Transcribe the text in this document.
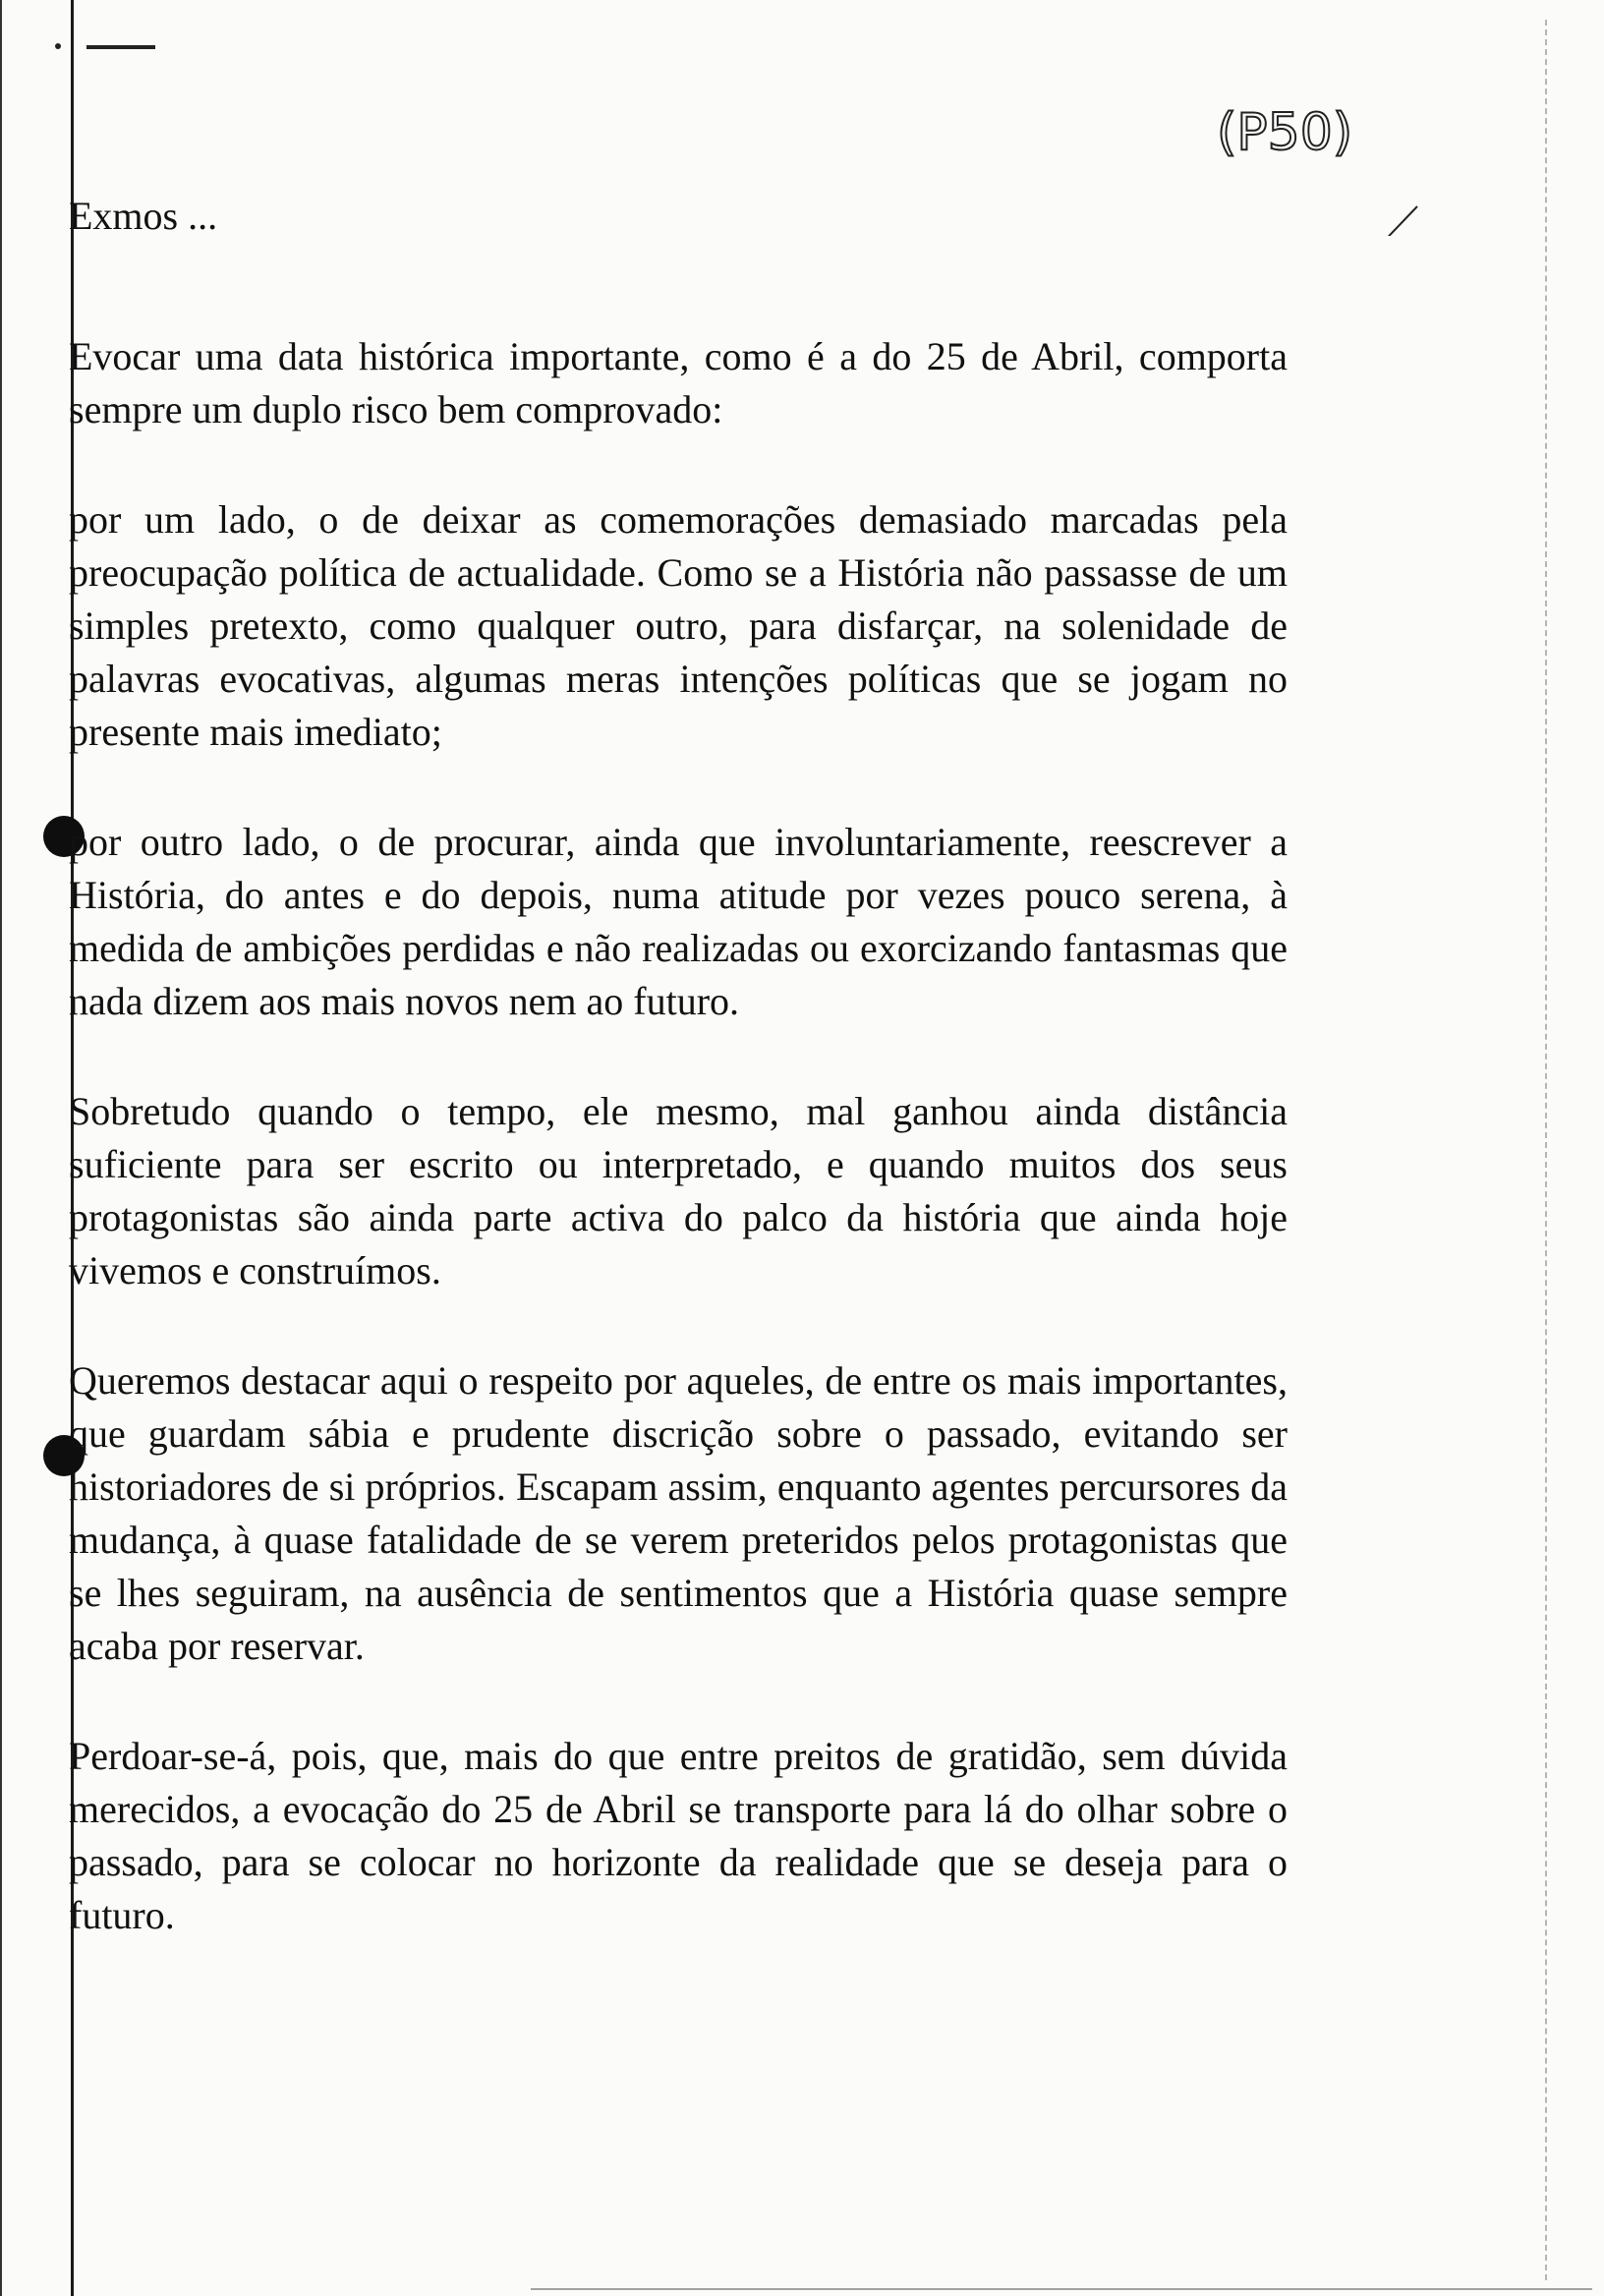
(P50)

Exmos ...

Evocar uma data histórica importante, como é a do 25 de Abril, comporta sempre um duplo risco bem comprovado:

por um lado, o de deixar as comemorações demasiado marcadas pela preocupação política de actualidade. Como se a História não passasse de um simples pretexto, como qualquer outro, para disfarçar, na solenidade de palavras evocativas, algumas meras intenções políticas que se jogam no presente mais imediato;

por outro lado, o de procurar, ainda que involuntariamente, reescrever a História, do antes e do depois, numa atitude por vezes pouco serena, à medida de ambições perdidas e não realizadas ou exorcizando fantasmas que nada dizem aos mais novos nem ao futuro.

Sobretudo quando o tempo, ele mesmo, mal ganhou ainda distância suficiente para ser escrito ou interpretado, e quando muitos dos seus protagonistas são ainda parte activa do palco da história que ainda hoje vivemos e construímos.

Queremos destacar aqui o respeito por aqueles, de entre os mais importantes, que guardam sábia e prudente discrição sobre o passado, evitando ser historiadores de si próprios. Escapam assim, enquanto agentes percursores da mudança, à quase fatalidade de se verem preteridos pelos protagonistas que se lhes seguiram, na ausência de sentimentos que a História quase sempre acaba por reservar.

Perdoar-se-á, pois, que, mais do que entre preitos de gratidão, sem dúvida merecidos, a evocação do 25 de Abril se transporte para lá do olhar sobre o passado, para se colocar no horizonte da realidade que se deseja para o futuro.
